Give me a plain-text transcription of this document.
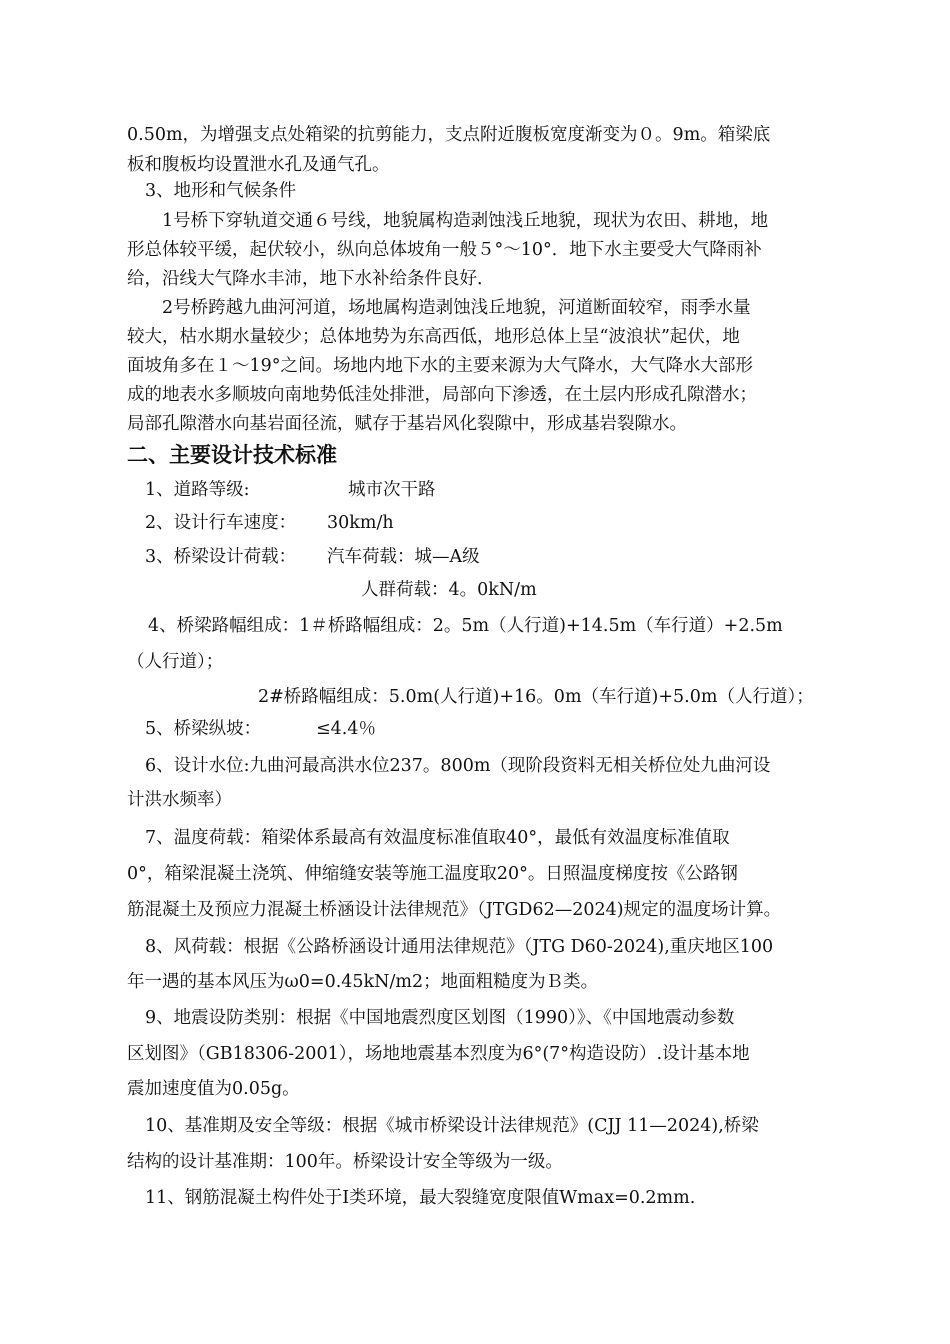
0.50m，为增强支点处箱梁的抗剪能力，支点附近腹板宽度渐变为０。9m。箱梁底
板和腹板均设置泄水孔及通气孔。
3、地形和气候条件
1号桥下穿轨道交通６号线，地貌属构造剥蚀浅丘地貌，现状为农田、耕地，地
形总体较平缓，起伏较小，纵向总体坡角一般５°～10°．地下水主要受大气降雨补
给，沿线大气降水丰沛，地下水补给条件良好．
2号桥跨越九曲河河道，场地属构造剥蚀浅丘地貌，河道断面较窄，雨季水量
较大，枯水期水量较少；总体地势为东高西低，地形总体上呈“波浪状”起伏，地
面坡角多在１～19°之间。场地内地下水的主要来源为大气降水，大气降水大部形
成的地表水多顺坡向南地势低洼处排泄，局部向下渗透，在土层内形成孔隙潜水；
局部孔隙潜水向基岩面径流，赋存于基岩风化裂隙中，形成基岩裂隙水。
二、主要设计技术标准
1、道路等级:	城市次干路
2、设计行车速度： 30km/h
3、桥梁设计荷载： 汽车荷载：城—A级
人群荷载：4。0kN/m
4、桥梁路幅组成：1＃桥路幅组成：2。5m（人行道)+14.5m（车行道）+2.5m
（人行道）；
2#桥路幅组成：5.0m(人行道)+16。0m（车行道)+5.0m（人行道）；
5、桥梁纵坡：	≤4.4％
6、设计水位:九曲河最高洪水位237。800m（现阶段资料无相关桥位处九曲河设
计洪水频率）
7、温度荷载：箱梁体系最高有效温度标准值取40°，最低有效温度标准值取
0°，箱梁混凝土浇筑、伸缩缝安装等施工温度取20°。日照温度梯度按《公路钢
筋混凝土及预应力混凝土桥涵设计法律规范》（JTGD62—2024)规定的温度场计算。
8、风荷载：根据《公路桥涵设计通用法律规范》（JTG D60-2024),重庆地区100
年一遇的基本风压为ω0=0.45kN/m2；地面粗糙度为Ｂ类。
9、地震设防类别：根据《中国地震烈度区划图（1990）》、《中国地震动参数
区划图》（GB18306-2001），场地地震基本烈度为6°(7°构造设防）.设计基本地
震加速度值为0.05g。
10、基准期及安全等级：根据《城市桥梁设计法律规范》(CJJ 11—2024),桥梁
结构的设计基准期：100年。桥梁设计安全等级为一级。
11、钢筋混凝土构件处于Ⅰ类环境，最大裂缝宽度限值Wmax=0.2mm.
